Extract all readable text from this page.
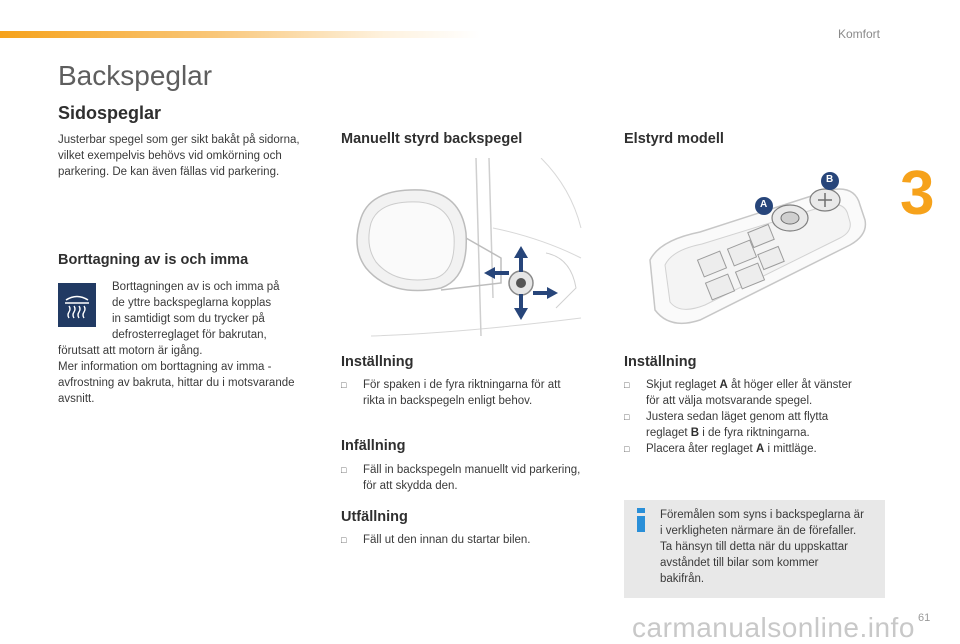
Komfort
3
Backspeglar
Sidospeglar
Justerbar spegel som ger sikt bakåt på sidorna,
vilket exempelvis behövs vid omkörning och
parkering. De kan även fällas vid parkering.
Borttagning av is och imma
Borttagningen av is och imma på
de yttre backspeglarna kopplas
in samtidigt som du trycker på
defrosterreglaget för bakrutan,
förutsatt att motorn är igång.
Mer information om borttagning av imma -
avfrostning av bakruta, hittar du i motsvarande
avsnitt.
Manuellt styrd backspegel
Inställning
□ För spaken i de fyra riktningarna för att
rikta in backspegeln enligt behov.
Infällning
□ Fäll in backspegeln manuellt vid parkering,
för att skydda den.
Utfällning
□ Fäll ut den innan du startar bilen.
Elstyrd modell
A
B
Inställning
□ Skjut reglaget A åt höger eller åt vänster
för att välja motsvarande spegel.
□ Justera sedan läget genom att flytta
reglaget B i de fyra riktningarna.
□ Placera åter reglaget A i mittläge.
Föremålen som syns i backspeglarna är
i verkligheten närmare än de förefaller.
Ta hänsyn till detta när du uppskattar
avståndet till bilar som kommer
bakifrån.
carmanualsonline.info 61
